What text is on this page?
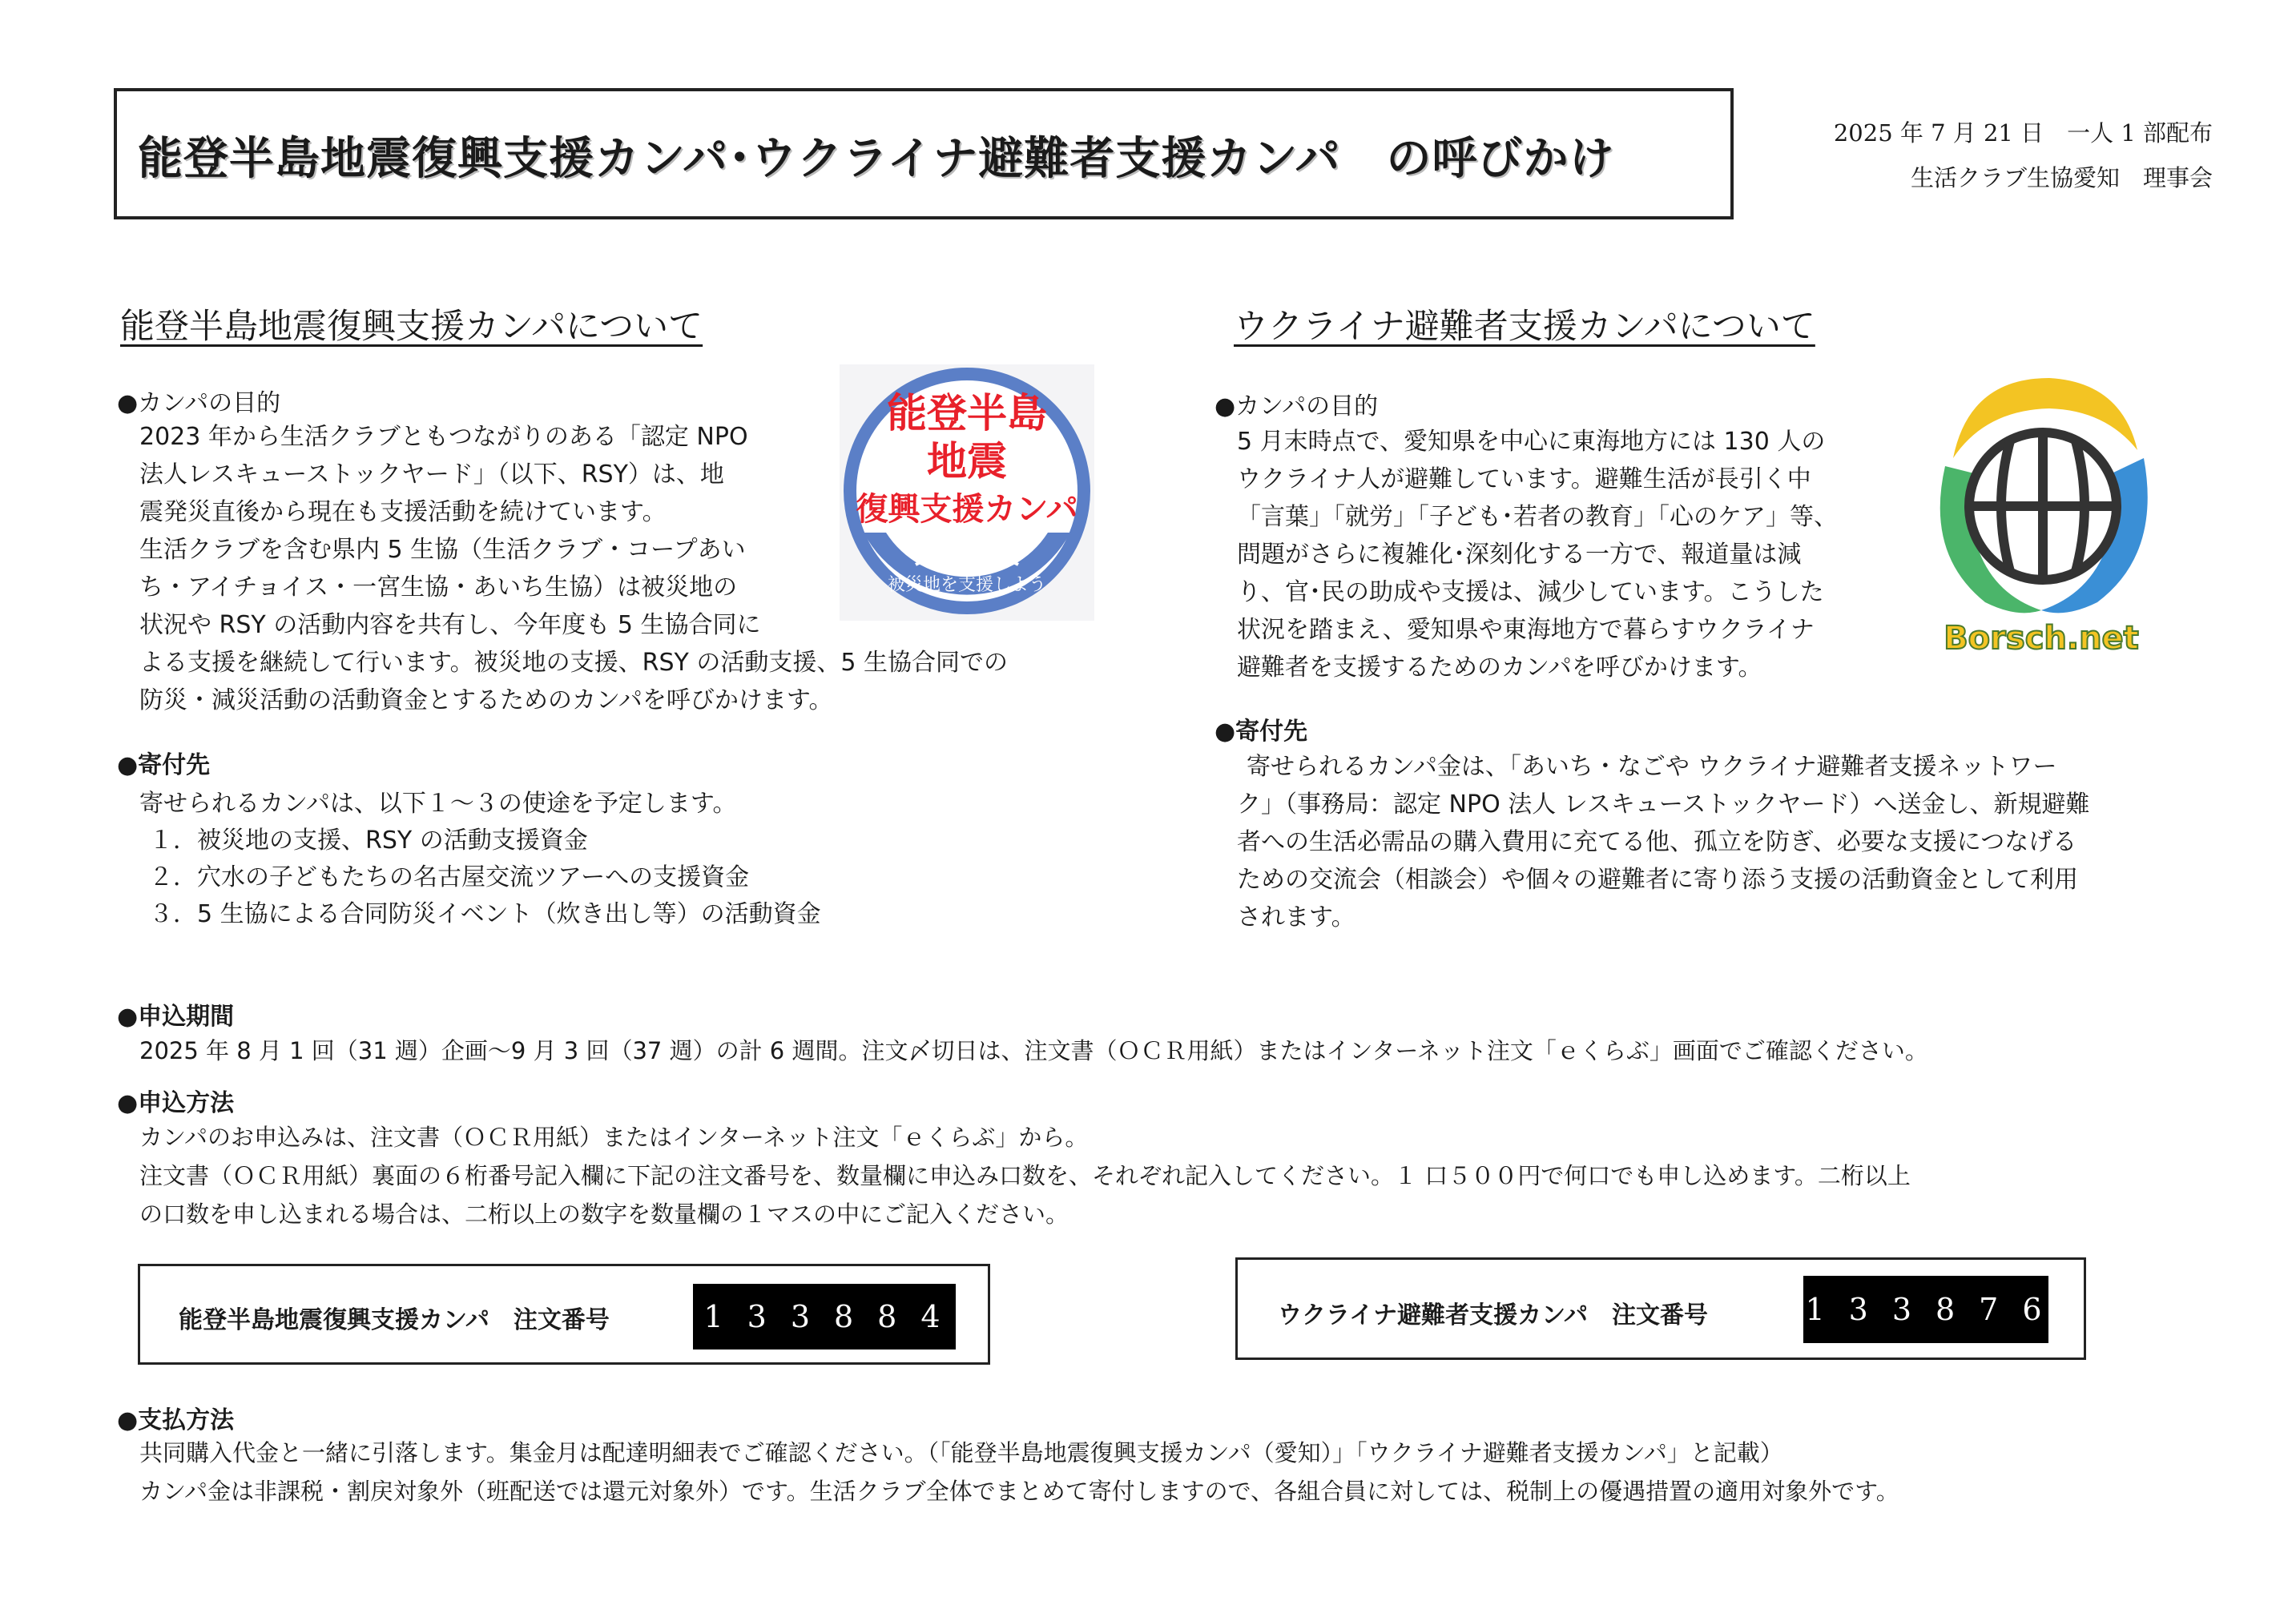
能登半島地震復興支援カンパ･ウクライナ避難者支援カンパ　の呼びかけ	2025 年 7 月 21 日　一人 1 部配布
生活クラブ生協愛知　理事会
能登半島地震復興支援カンパについて
●カンパの目的
2023 年から生活クラブともつながりのある「認定 NPO
法人レスキューストックヤード」（以下、RSY）は、地
震発災直後から現在も支援活動を続けています。
生活クラブを含む県内 5 生協（生活クラブ・コープあい
ち・アイチョイス・一宮生協・あいち生協）は被災地の
状況や RSY の活動内容を共有し、今年度も 5 生協合同に
よる支援を継続して行います。被災地の支援、RSY の活動支援、5 生協合同での
防災・減災活動の活動資金とするためのカンパを呼びかけます。
能登半島
地震
復興支援カンパ
被災地を支援しよう
●寄付先
寄せられるカンパは、以下１～３の使途を予定します。
１．被災地の支援、RSY の活動支援資金
２．穴水の子どもたちの名古屋交流ツアーへの支援資金
３．5 生協による合同防災イベント（炊き出し等）の活動資金
ウクライナ避難者支援カンパについて
●カンパの目的
5 月末時点で、愛知県を中心に東海地方には 130 人の
ウクライナ人が避難しています。避難生活が長引く中
「言葉」「就労」「子ども･若者の教育」「心のケア」等、
問題がさらに複雑化･深刻化する一方で、報道量は減
り、官･民の助成や支援は、減少しています。こうした
状況を踏まえ、愛知県や東海地方で暮らすウクライナ
避難者を支援するためのカンパを呼びかけます。
Borsch.net
●寄付先
寄せられるカンパ金は、「あいち・なごや ウクライナ避難者支援ネットワー
ク」（事務局：認定 NPO 法人 レスキューストックヤード）へ送金し、新規避難
者への生活必需品の購入費用に充てる他、孤立を防ぎ、必要な支援につなげる
ための交流会（相談会）や個々の避難者に寄り添う支援の活動資金として利用
されます。
●申込期間
2025 年 8 月 1 回（31 週）企画～9 月 3 回（37 週）の計 6 週間。注文〆切日は、注文書（ＯＣＲ用紙）またはインターネット注文「ｅくらぶ」画面でご確認ください。
●申込方法
カンパのお申込みは、注文書（ＯＣＲ用紙）またはインターネット注文「ｅくらぶ」から。
注文書（ＯＣＲ用紙）裏面の６桁番号記入欄に下記の注文番号を、数量欄に申込み口数を、それぞれ記入してください。１ 口５００円で何口でも申し込めます。二桁以上
の口数を申し込まれる場合は、二桁以上の数字を数量欄の１マスの中にご記入ください。
能登半島地震復興支援カンパ　注文番号	133884	ウクライナ避難者支援カンパ　注文番号	133876
●支払方法
共同購入代金と一緒に引落します。集金月は配達明細表でご確認ください。（「能登半島地震復興支援カンパ（愛知）」「ウクライナ避難者支援カンパ」と記載）
カンパ金は非課税・割戻対象外（班配送では還元対象外）です。生活クラブ全体でまとめて寄付しますので、各組合員に対しては、税制上の優遇措置の適用対象外です。
